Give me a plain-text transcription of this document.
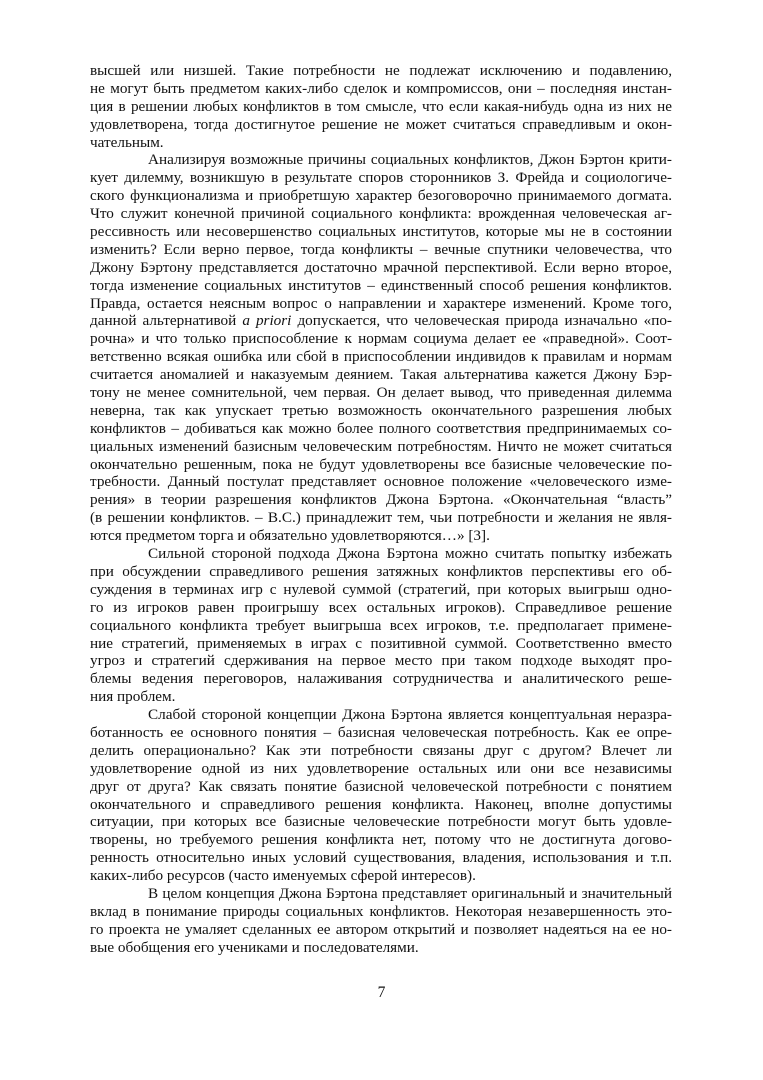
высшей или низшей. Такие потребности не подлежат исключению и подавлению,
не могут быть предметом каких-либо сделок и компромиссов, они – последняя инстан-
ция в решении любых конфликтов в том смысле, что если какая-нибудь одна из них не
удовлетворена, тогда достигнутое решение не может считаться справедливым и окон-
чательным.
Анализируя возможные причины социальных конфликтов, Джон Бэртон крити-
кует дилемму, возникшую в результате споров сторонников З. Фрейда и социологиче-
ского функционализма и приобретшую характер безоговорочно принимаемого догмата.
Что служит конечной причиной социального конфликта: врожденная человеческая аг-
рессивность или несовершенство социальных институтов, которые мы не в состоянии
изменить? Если верно первое, тогда конфликты – вечные спутники человечества, что
Джону Бэртону представляется достаточно мрачной перспективой. Если верно второе,
тогда изменение социальных институтов – единственный способ решения конфликтов.
Правда, остается неясным вопрос о направлении и характере изменений. Кроме того,
данной альтернативой a priori допускается, что человеческая природа изначально «по-
рочна» и что только приспособление к нормам социума делает ее «праведной». Соот-
ветственно всякая ошибка или сбой в приспособлении индивидов к правилам и нормам
считается аномалией и наказуемым деянием. Такая альтернатива кажется Джону Бэр-
тону не менее сомнительной, чем первая. Он делает вывод, что приведенная дилемма
неверна, так как упускает третью возможность окончательного разрешения любых
конфликтов – добиваться как можно более полного соответствия предпринимаемых со-
циальных изменений базисным человеческим потребностям. Ничто не может считаться
окончательно решенным, пока не будут удовлетворены все базисные человеческие по-
требности. Данный постулат представляет основное положение «человеческого изме-
рения» в теории разрешения конфликтов Джона Бэртона. «Окончательная “власть”
(в решении конфликтов. – В.С.) принадлежит тем, чьи потребности и желания не явля-
ются предметом торга и обязательно удовлетворяются…» [3].
Сильной стороной подхода Джона Бэртона можно считать попытку избежать
при обсуждении справедливого решения затяжных конфликтов перспективы его об-
суждения в терминах игр с нулевой суммой (стратегий, при которых выигрыш одно-
го из игроков равен проигрышу всех остальных игроков). Справедливое решение
социального конфликта требует выигрыша всех игроков, т.е. предполагает примене-
ние стратегий, применяемых в играх с позитивной суммой. Соответственно вместо
угроз и стратегий сдерживания на первое место при таком подходе выходят про-
блемы ведения переговоров, налаживания сотрудничества и аналитического реше-
ния проблем.
Слабой стороной концепции Джона Бэртона является концептуальная неразра-
ботанность ее основного понятия – базисная человеческая потребность. Как ее опре-
делить операционально? Как эти потребности связаны друг с другом? Влечет ли
удовлетворение одной из них удовлетворение остальных или они все независимы
друг от друга? Как связать понятие базисной человеческой потребности с понятием
окончательного и справедливого решения конфликта. Наконец, вполне допустимы
ситуации, при которых все базисные человеческие потребности могут быть удовле-
творены, но требуемого решения конфликта нет, потому что не достигнута догово-
ренность относительно иных условий существования, владения, использования и т.п.
каких-либо ресурсов (часто именуемых сферой интересов).
В целом концепция Джона Бэртона представляет оригинальный и значительный
вклад в понимание природы социальных конфликтов. Некоторая незавершенность это-
го проекта не умаляет сделанных ее автором открытий и позволяет надеяться на ее но-
вые обобщения его учениками и последователями.
7
